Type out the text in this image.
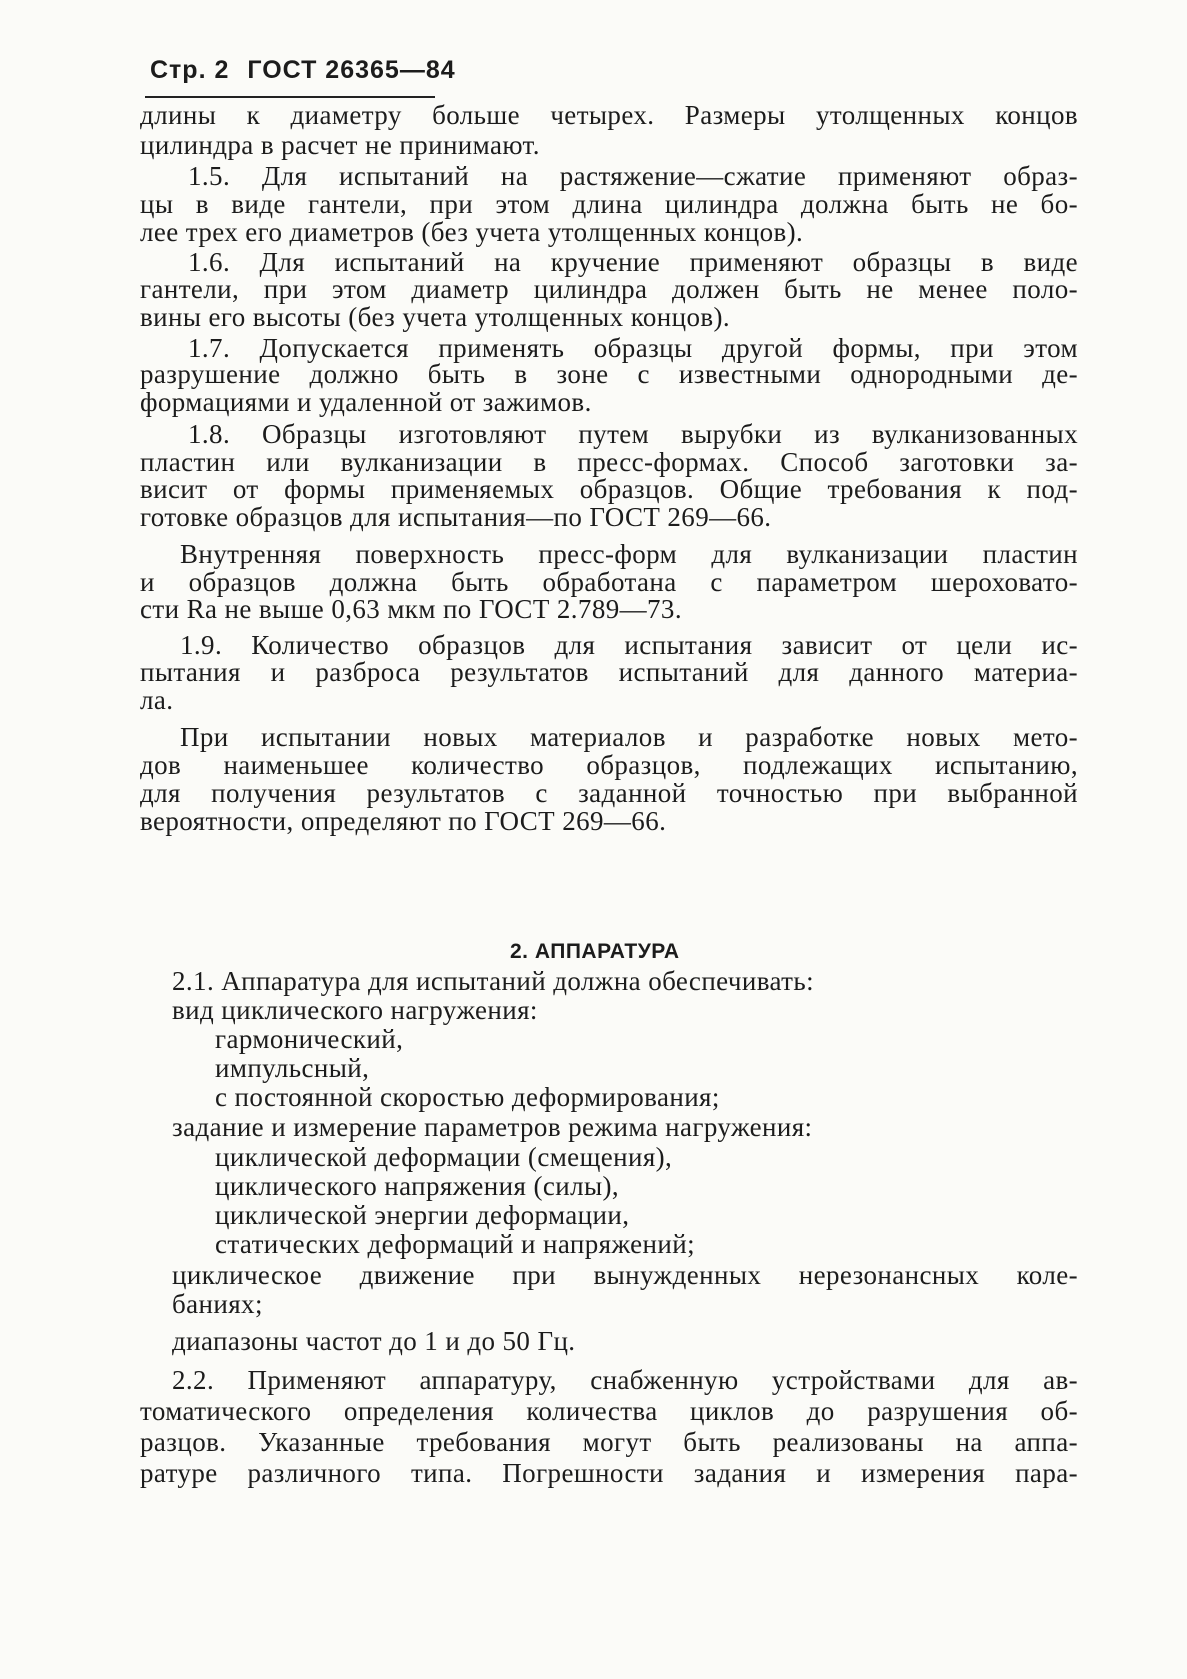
Стр. 2 ГОСТ 26365—84
длины к диаметру больше четырех. Размеры утолщенных концов
цилиндра в расчет не принимают.
1.5. Для испытаний на растяжение—сжатие применяют образ-
цы в виде гантели, при этом длина цилиндра должна быть не бо-
лее трех его диаметров (без учета утолщенных концов).
1.6. Для испытаний на кручение применяют образцы в виде
гантели, при этом диаметр цилиндра должен быть не менее поло-
вины его высоты (без учета утолщенных концов).
1.7. Допускается применять образцы другой формы, при этом
разрушение должно быть в зоне с известными однородными де-
формациями и удаленной от зажимов.
1.8. Образцы изготовляют путем вырубки из вулканизованных
пластин или вулканизации в пресс-формах. Способ заготовки за-
висит от формы применяемых образцов. Общие требования к под-
готовке образцов для испытания—по ГОСТ 269—66.
Внутренняя поверхность пресс-форм для вулканизации пластин
и образцов должна быть обработана с параметром шероховато-
сти Ra не выше 0,63 мкм по ГОСТ 2.789—73.
1.9. Количество образцов для испытания зависит от цели ис-
пытания и разброса результатов испытаний для данного материа-
ла.
При испытании новых материалов и разработке новых мето-
дов наименьшее количество образцов, подлежащих испытанию,
для получения результатов с заданной точностью при выбранной
вероятности, определяют по ГОСТ 269—66.
2. АППАРАТУРА
2.1. Аппаратура для испытаний должна обеспечивать:
вид циклического нагружения:
гармонический,
импульсный,
с постоянной скоростью деформирования;
задание и измерение параметров режима нагружения:
циклической деформации (смещения),
циклического напряжения (силы),
циклической энергии деформации,
статических деформаций и напряжений;
циклическое движение при вынужденных нерезонансных коле-
баниях;
диапазоны частот до 1 и до 50 Гц.
2.2. Применяют аппаратуру, снабженную устройствами для ав-
томатического определения количества циклов до разрушения об-
разцов. Указанные требования могут быть реализованы на аппа-
ратуре различного типа. Погрешности задания и измерения пара-
